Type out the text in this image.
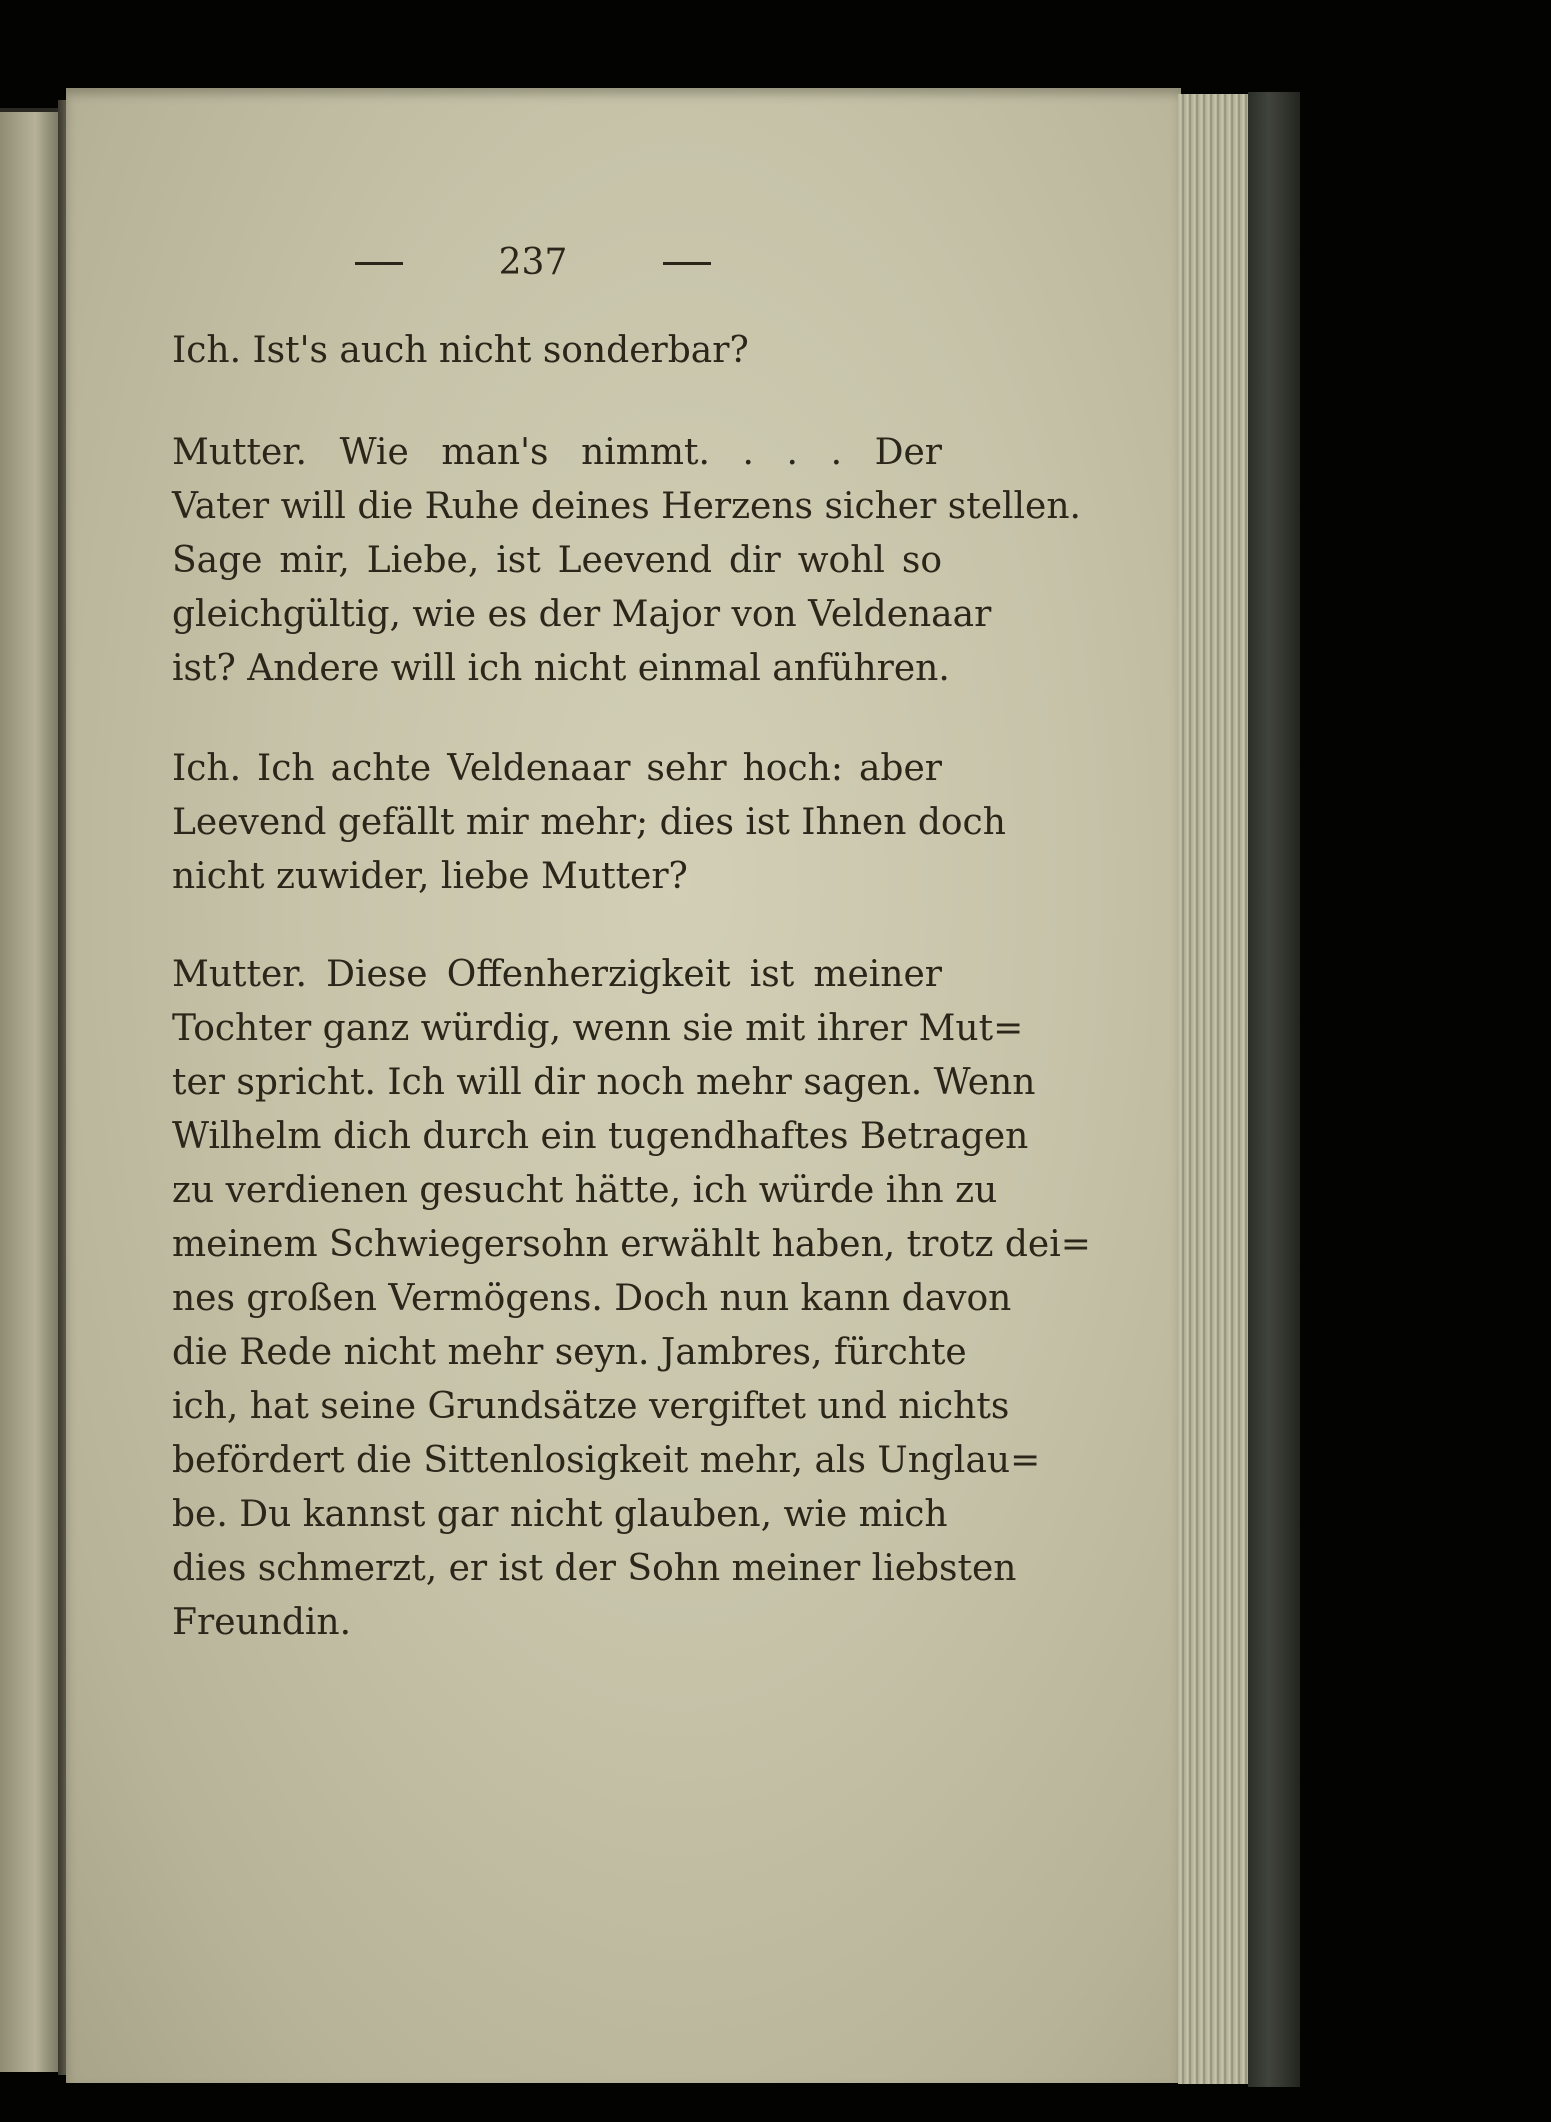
237
Ich. Ist's auch nicht sonderbar?
Mutter. Wie man's nimmt. . . . Der
Vater will die Ruhe deines Herzens sicher stellen.
Sage mir, Liebe, ist Leevend dir wohl so
gleichgültig, wie es der Major von Veldenaar
ist? Andere will ich nicht einmal anführen.
Ich. Ich achte Veldenaar sehr hoch: aber
Leevend gefällt mir mehr; dies ist Ihnen doch
nicht zuwider, liebe Mutter?
Mutter. Diese Offenherzigkeit ist meiner
Tochter ganz würdig, wenn sie mit ihrer Mut=
ter spricht. Ich will dir noch mehr sagen. Wenn
Wilhelm dich durch ein tugendhaftes Betragen
zu verdienen gesucht hätte, ich würde ihn zu
meinem Schwiegersohn erwählt haben, trotz dei=
nes großen Vermögens. Doch nun kann davon
die Rede nicht mehr seyn. Jambres, fürchte
ich, hat seine Grundsätze vergiftet und nichts
befördert die Sittenlosigkeit mehr, als Unglau=
be. Du kannst gar nicht glauben, wie mich
dies schmerzt, er ist der Sohn meiner liebsten
Freundin.
